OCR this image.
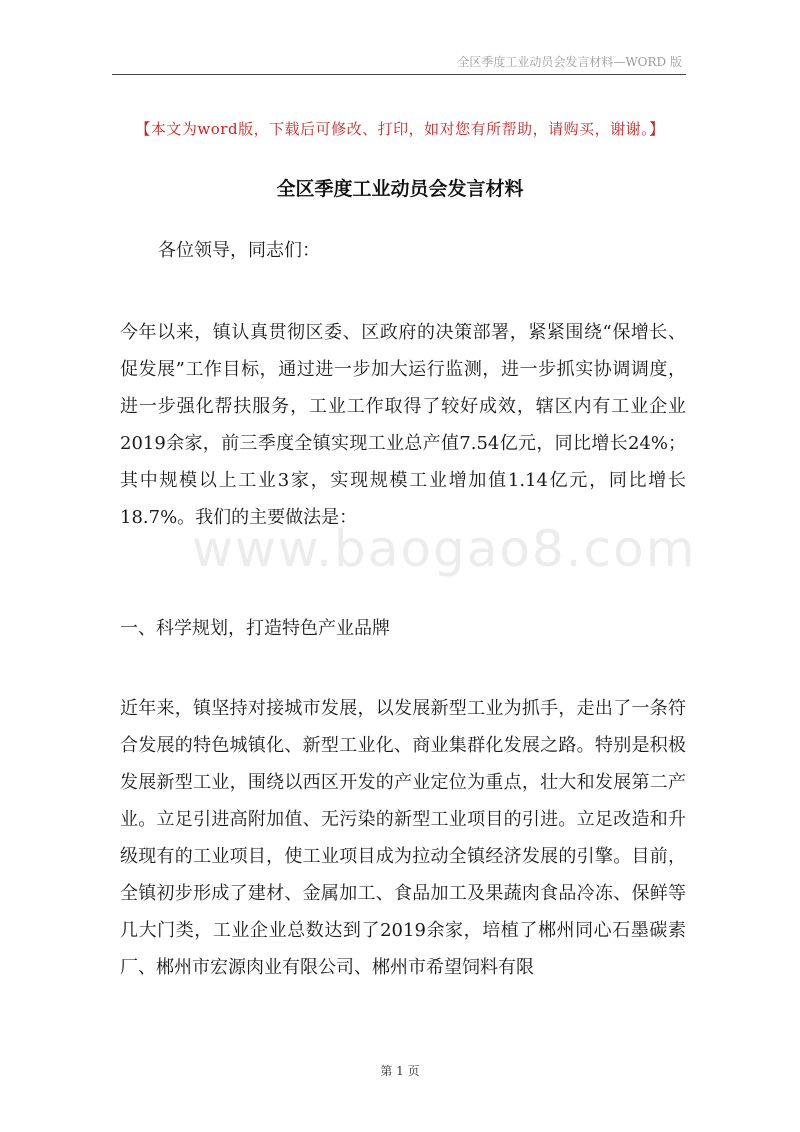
全区季度工业动员会发言材料—WORD 版
【本文为word版，下载后可修改、打印，如对您有所帮助，请购买，谢谢。】
全区季度工业动员会发言材料
各位领导，同志们：
今年以来，镇认真贯彻区委、区政府的决策部署，紧紧围绕“保增长、促发展”工作目标，通过进一步加大运行监测，进一步抓实协调调度，进一步强化帮扶服务，工业工作取得了较好成效，辖区内有工业企业2019余家，前三季度全镇实现工业总产值7.54亿元，同比增长24%；其中规模以上工业3家，实现规模工业增加值1.14亿元，同比增长18.7%。我们的主要做法是：
一、科学规划，打造特色产业品牌
近年来，镇坚持对接城市发展，以发展新型工业为抓手，走出了一条符合发展的特色城镇化、新型工业化、商业集群化发展之路。特别是积极发展新型工业，围绕以西区开发的产业定位为重点，壮大和发展第二产业。立足引进高附加值、无污染的新型工业项目的引进。立足改造和升级现有的工业项目，使工业项目成为拉动全镇经济发展的引擎。目前，全镇初步形成了建材、金属加工、食品加工及果蔬肉食品冷冻、保鲜等几大门类，工业企业总数达到了2019余家，培植了郴州同心石墨碳素厂、郴州市宏源肉业有限公司、郴州市希望饲料有限
www.baogao8.com
第 1 页
